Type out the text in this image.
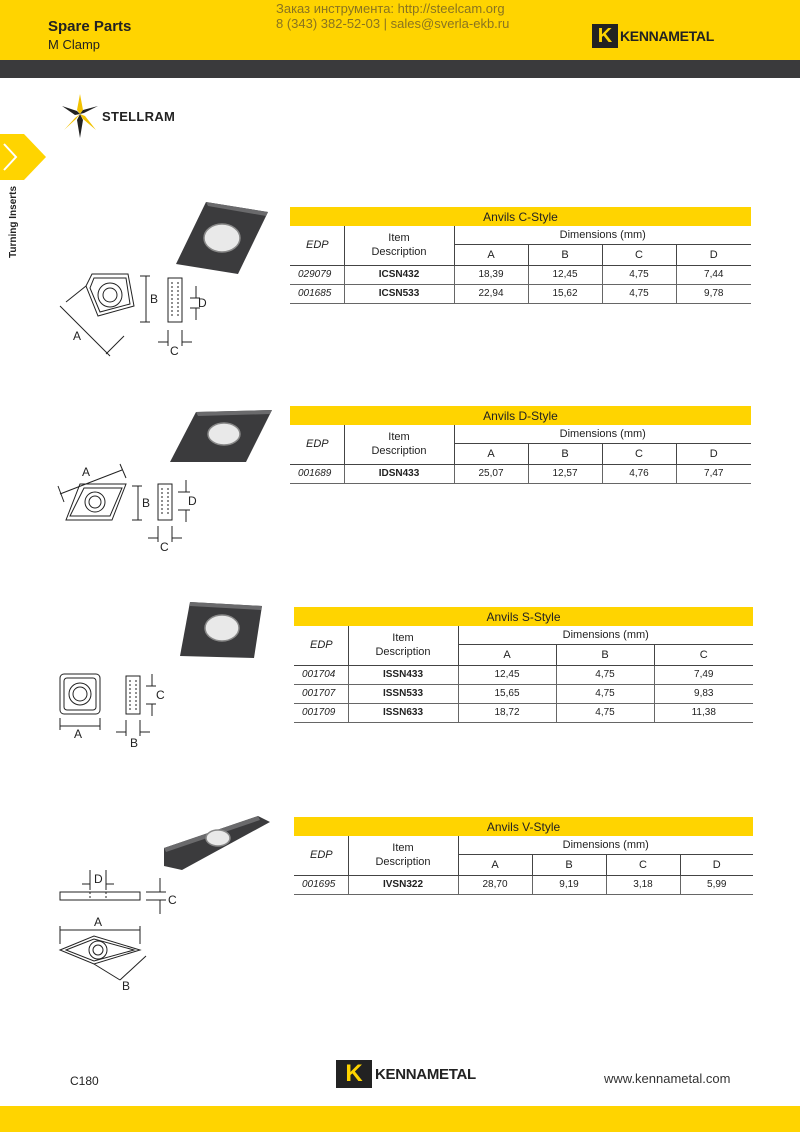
Spare Parts
M Clamp
Заказ инструмента: http://steelcam.org
8 (343) 382-52-03 | sales@sverla-ekb.ru
K KENNAMETAL
STELLRAM
Turning Inserts
A
B
C
D
Anvils C-Style					
EDP	Item
Description	Dimensions (mm)			
		A	B	C	D
029079	ICSN432	18,39	12,45	4,75	7,44
001685	ICSN533	22,94	15,62	4,75	9,78
A
B
C
D
Anvils D-Style					
EDP	Item
Description	Dimensions (mm)			
		A	B	C	D
001689	IDSN433	25,07	12,57	4,76	7,47
A
B
C
Anvils S-Style				
EDP	Item
Description	Dimensions (mm)		
		A	B	C
001704	ISSN433	12,45	4,75	7,49
001707	ISSN533	15,65	4,75	9,83
001709	ISSN633	18,72	4,75	11,38
D
C
A
B
Anvils V-Style					
EDP	Item
Description	Dimensions (mm)			
		A	B	C	D
001695	IVSN322	28,70	9,19	3,18	5,99
C180	K KENNAMETAL	www.kennametal.com
